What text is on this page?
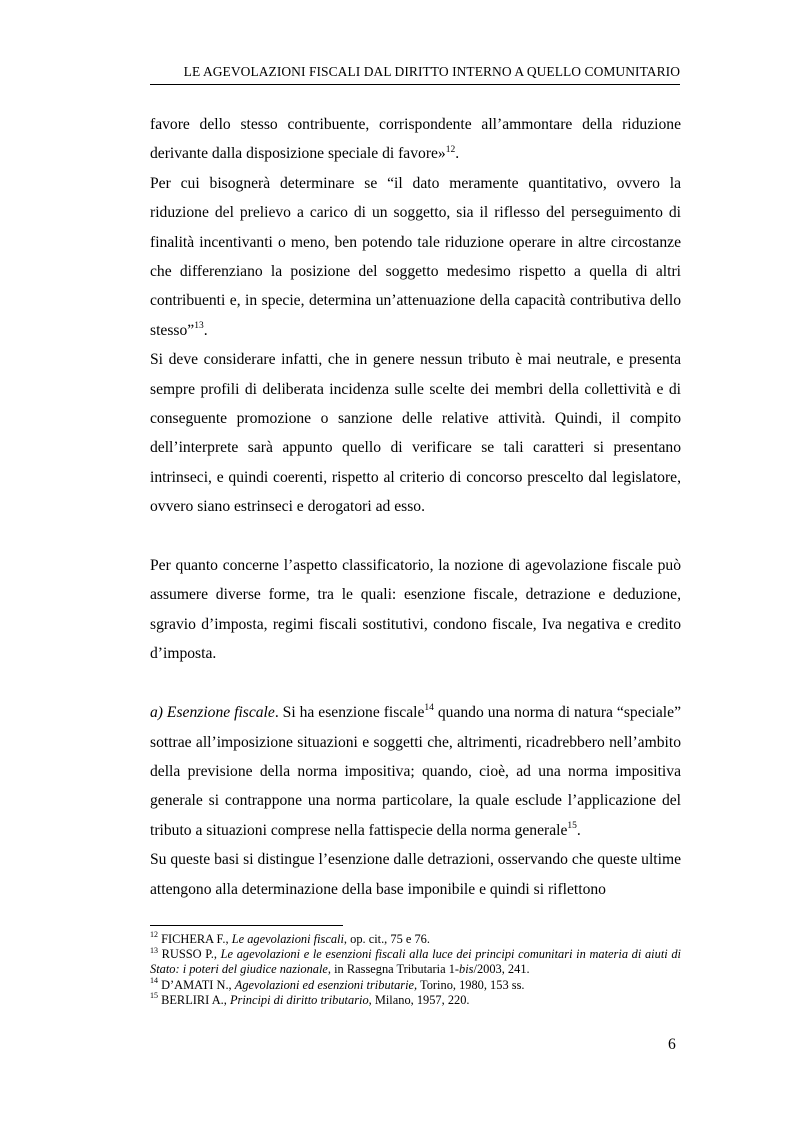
LE AGEVOLAZIONI FISCALI DAL DIRITTO INTERNO A QUELLO COMUNITARIO

favore dello stesso contribuente, corrispondente all’ammontare della riduzione derivante dalla disposizione speciale di favore»$^{12}$.

Per cui bisognerà determinare se “il dato meramente quantitativo, ovvero la riduzione del prelievo a carico di un soggetto, sia il riflesso del perseguimento di finalità incentivanti o meno, ben potendo tale riduzione operare in altre circostanze che differenziano la posizione del soggetto medesimo rispetto a quella di altri contribuenti e, in specie, determina un’attenuazione della capacità contributiva dello stesso”$^{13}$.

Si deve considerare infatti, che in genere nessun tributo è mai neutrale, e presenta sempre profili di deliberata incidenza sulle scelte dei membri della collettività e di conseguente promozione o sanzione delle relative attività. Quindi, il compito dell’interprete sarà appunto quello di verificare se tali caratteri si presentano intrinseci, e quindi coerenti, rispetto al criterio di concorso prescelto dal legislatore, ovvero siano estrinseci e derogatori ad esso.

Per quanto concerne l’aspetto classificatorio, la nozione di agevolazione fiscale può assumere diverse forme, tra le quali: esenzione fiscale, detrazione e deduzione, sgravio d’imposta, regimi fiscali sostitutivi, condono fiscale, Iva negativa e credito d’imposta.

a) Esenzione fiscale. Si ha esenzione fiscale$^{14}$ quando una norma di natura “speciale” sottrae all’imposizione situazioni e soggetti che, altrimenti, ricadrebbero nell’ambito della previsione della norma impositiva; quando, cioè, ad una norma impositiva generale si contrappone una norma particolare, la quale esclude l’applicazione del tributo a situazioni comprese nella fattispecie della norma generale$^{15}$.

Su queste basi si distingue l’esenzione dalle detrazioni, osservando che queste ultime attengono alla determinazione della base imponibile e quindi si riflettono

$^{12}$ FICHERA F., Le agevolazioni fiscali, op. cit., 75 e 76.

$^{13}$ RUSSO P., Le agevolazioni e le esenzioni fiscali alla luce dei principi comunitari in materia di aiuti di Stato: i poteri del giudice nazionale, in Rassegna Tributaria 1-bis/2003, 241.

$^{14}$ D’AMATI N., Agevolazioni ed esenzioni tributarie, Torino, 1980, 153 ss.

$^{15}$ BERLIRI A., Principi di diritto tributario, Milano, 1957, 220.

6
